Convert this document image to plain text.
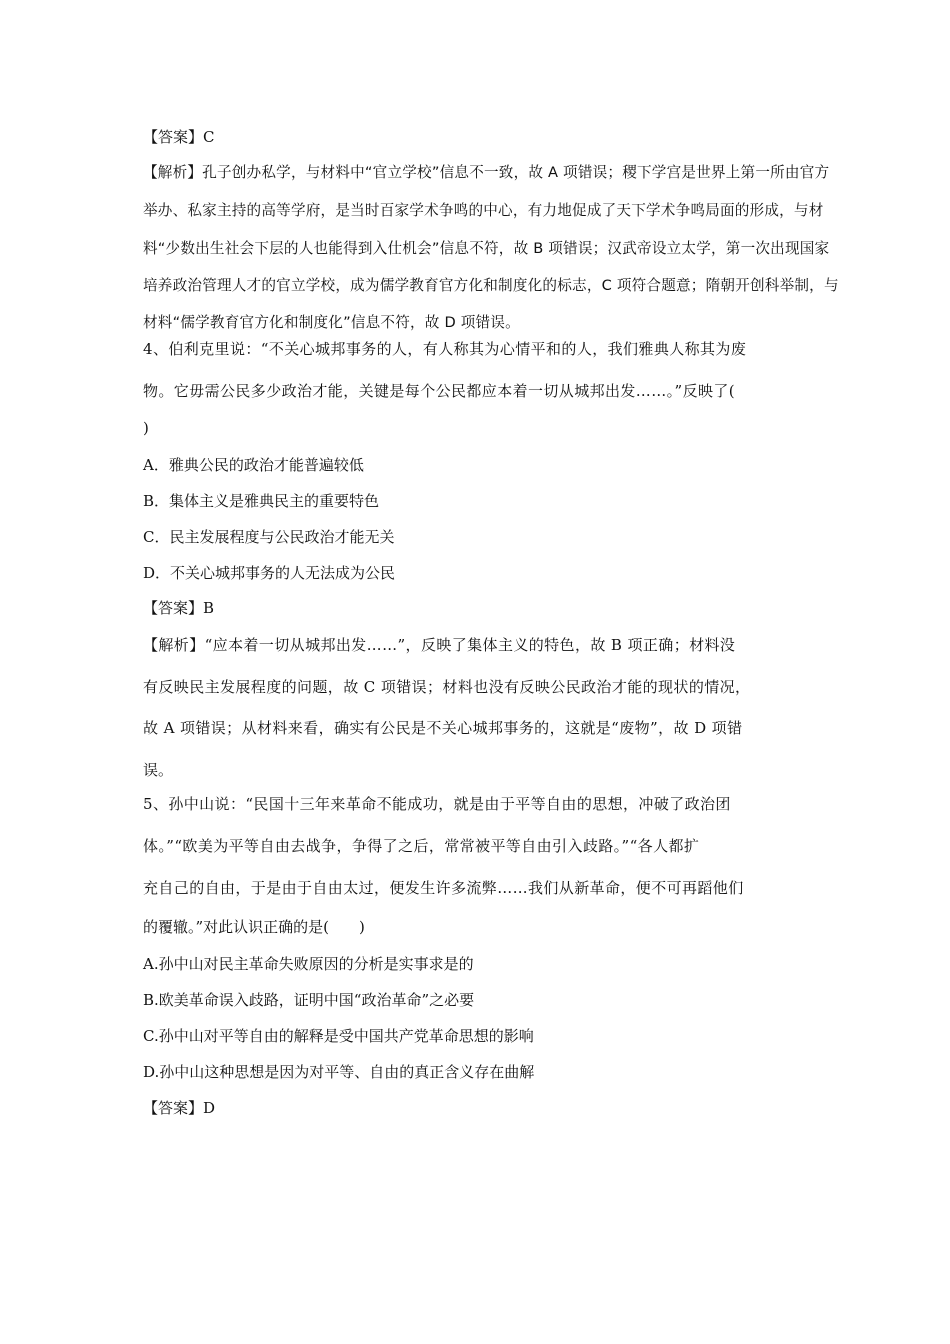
【答案】C
【解析】孔子创办私学，与材料中“官立学校”信息不一致，故 A 项错误；稷下学宫是世界上第一所由官方
举办、私家主持的高等学府，是当时百家学术争鸣的中心，有力地促成了天下学术争鸣局面的形成，与材
料“少数出生社会下层的人也能得到入仕机会”信息不符，故 B 项错误；汉武帝设立太学，第一次出现国家
培养政治管理人才的官立学校，成为儒学教育官方化和制度化的标志，C 项符合题意；隋朝开创科举制，与
材料“儒学教育官方化和制度化”信息不符，故 D 项错误。
4、伯利克里说：“不关心城邦事务的人，有人称其为心情平和的人，我们雅典人称其为废
物。它毋需公民多少政治才能，关键是每个公民都应本着一切从城邦出发……。”反映了(
)
A．雅典公民的政治才能普遍较低
B．集体主义是雅典民主的重要特色
C．民主发展程度与公民政治才能无关
D．不关心城邦事务的人无法成为公民
【答案】B
【解析】“应本着一切从城邦出发……”，反映了集体主义的特色，故 B 项正确；材料没
有反映民主发展程度的问题，故 C 项错误；材料也没有反映公民政治才能的现状的情况，
故 A 项错误；从材料来看，确实有公民是不关心城邦事务的，这就是“废物”，故 D 项错
误。
5、孙中山说：“民国十三年来革命不能成功，就是由于平等自由的思想，冲破了政治团
体。”“欧美为平等自由去战争，争得了之后，常常被平等自由引入歧路。”“各人都扩
充自己的自由，于是由于自由太过，便发生许多流弊……我们从新革命，便不可再蹈他们
的覆辙。”对此认识正确的是(　　)
A.孙中山对民主革命失败原因的分析是实事求是的
B.欧美革命误入歧路，证明中国“政治革命”之必要
C.孙中山对平等自由的解释是受中国共产党革命思想的影响
D.孙中山这种思想是因为对平等、自由的真正含义存在曲解
【答案】D
